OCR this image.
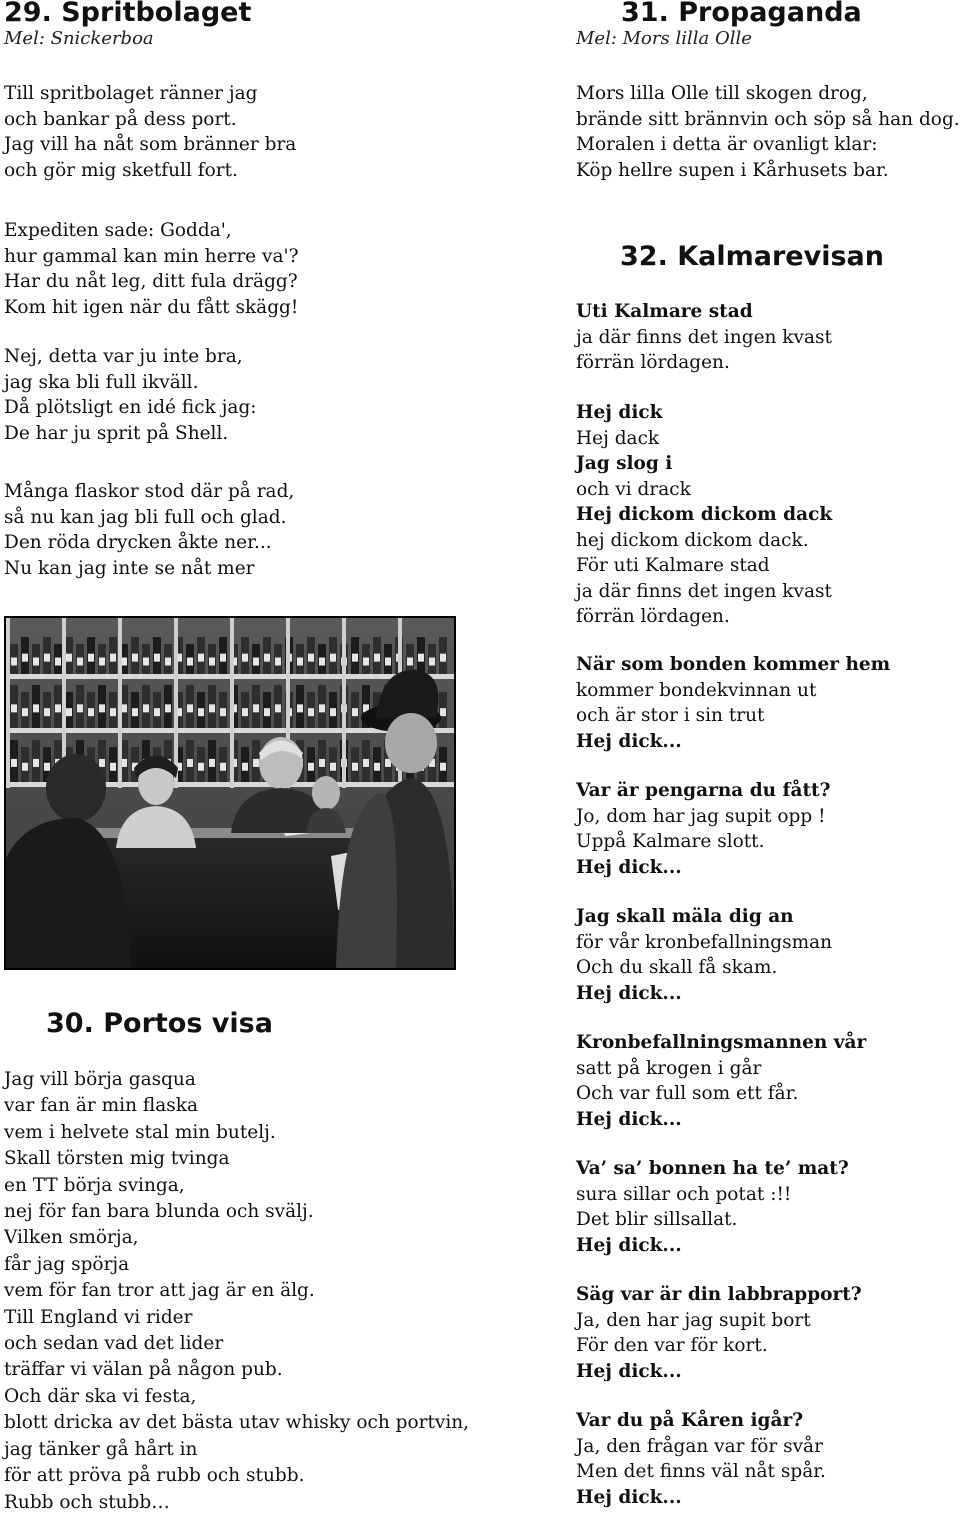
29. Spritbolaget

Mel: Snickerboa

Till spritbolaget ränner jag
och bankar på dess port.
Jag vill ha nåt som bränner bra
och gör mig sketfull fort.
Expediten sade: Godda',
hur gammal kan min herre va'?
Har du nåt leg, ditt fula drägg?
Kom hit igen när du fått skägg!
Nej, detta var ju inte bra,
jag ska bli full ikväll.
Då plötsligt en idé fick jag:
De har ju sprit på Shell.
Många flaskor stod där på rad,
så nu kan jag bli full och glad.
Den röda drycken åkte ner...
Nu kan jag inte se nåt mer
30. Portos visa
Jag vill börja gasqua
var fan är min flaska
vem i helvete stal min butelj.
Skall törsten mig tvinga
en TT börja svinga,
nej för fan bara blunda och svälj.
Vilken smörja,
får jag spörja
vem för fan tror att jag är en älg.
Till England vi rider
och sedan vad det lider
träffar vi välan på någon pub.
Och där ska vi festa,
blott dricka av det bästa utav whisky och portvin,
jag tänker gå hårt in
för att pröva på rubb och stubb.
Rubb och stubb…
31. Propaganda

Mel: Mors lilla Olle

Mors lilla Olle till skogen drog,
brände sitt brännvin och söp så han dog.
Moralen i detta är ovanligt klar:
Köp hellre supen i Kårhusets bar.
32. Kalmarevisan
Uti Kalmare stad
ja där finns det ingen kvast
förrän lördagen.
Hej dick
Hej dack
Jag slog i
och vi drack
Hej dickom dickom dack
hej dickom dickom dack.
För uti Kalmare stad
ja där finns det ingen kvast
förrän lördagen.
När som bonden kommer hem
kommer bondekvinnan ut
och är stor i sin trut
Hej dick...
Var är pengarna du fått?
Jo, dom har jag supit opp !
Uppå Kalmare slott.
Hej dick...
Jag skall mäla dig an
för vår kronbefallningsman
Och du skall få skam.
Hej dick...
Kronbefallningsmannen vår
satt på krogen i går
Och var full som ett får.
Hej dick...
Va’ sa’ bonnen ha te’ mat?
sura sillar och potat :!!
Det blir sillsallat.
Hej dick...
Säg var är din labbrapport?
Ja, den har jag supit bort
För den var för kort.
Hej dick...
Var du på Kåren igår?
Ja, den frågan var för svår
Men det finns väl nåt spår.
Hej dick...
